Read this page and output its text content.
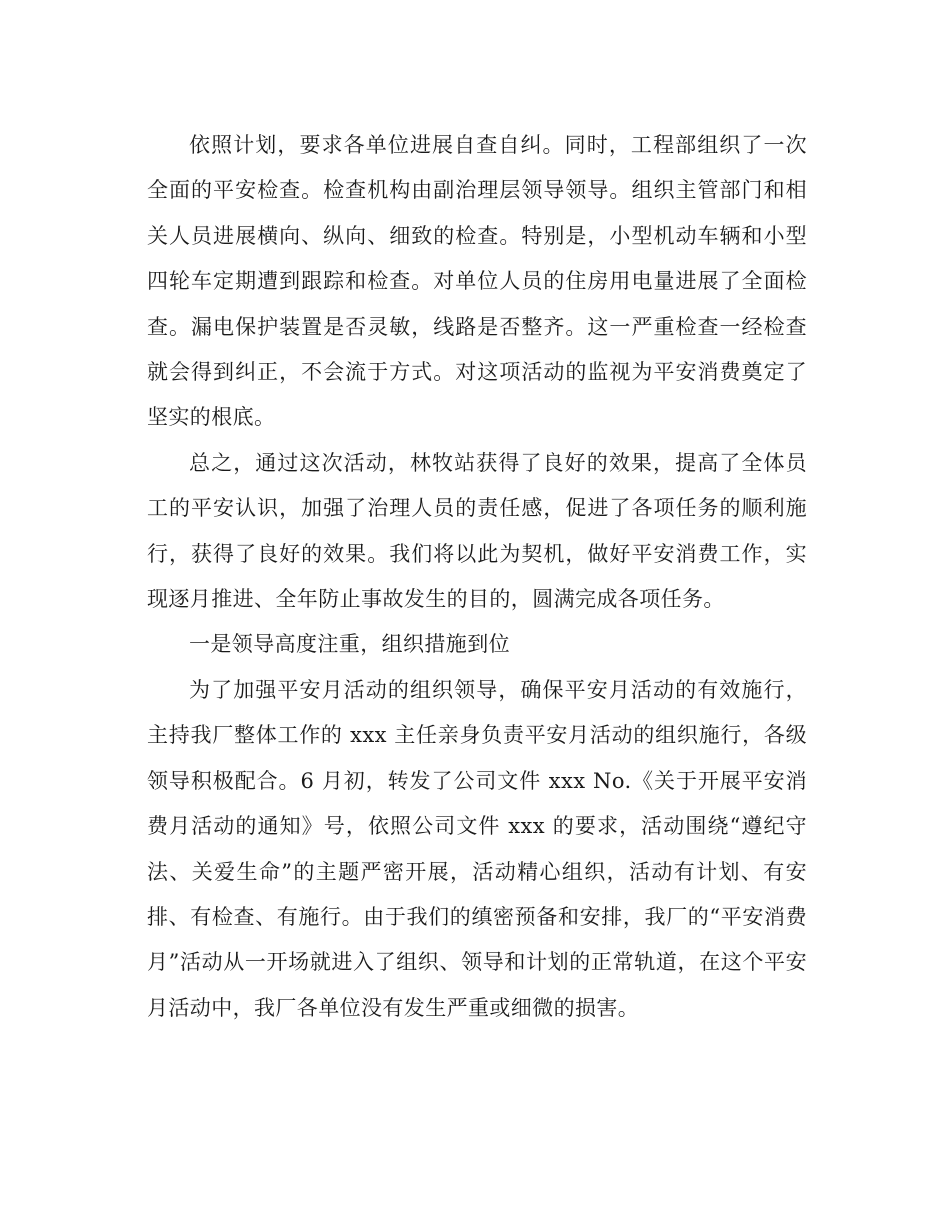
依照计划，要求各单位进展自查自纠。同时，工程部组织了一次全面的平安检查。检查机构由副治理层领导领导。组织主管部门和相关人员进展横向、纵向、细致的检查。特别是，小型机动车辆和小型四轮车定期遭到跟踪和检查。对单位人员的住房用电量进展了全面检查。漏电保护装置是否灵敏，线路是否整齐。这一严重检查一经检查就会得到纠正，不会流于方式。对这项活动的监视为平安消费奠定了坚实的根底。

总之，通过这次活动，林牧站获得了良好的效果，提高了全体员工的平安认识，加强了治理人员的责任感，促进了各项任务的顺利施行，获得了良好的效果。我们将以此为契机，做好平安消费工作，实现逐月推进、全年防止事故发生的目的，圆满完成各项任务。

一是领导高度注重，组织措施到位

为了加强平安月活动的组织领导，确保平安月活动的有效施行，主持我厂整体工作的 xxx 主任亲身负责平安月活动的组织施行，各级领导积极配合。6 月初，转发了公司文件 xxx No.《关于开展平安消费月活动的通知》号，依照公司文件 xxx 的要求，活动围绕“遵纪守法、关爱生命”的主题严密开展，活动精心组织，活动有计划、有安排、有检查、有施行。由于我们的缜密预备和安排，我厂的“平安消费月”活动从一开场就进入了组织、领导和计划的正常轨道，在这个平安月活动中，我厂各单位没有发生严重或细微的损害。
